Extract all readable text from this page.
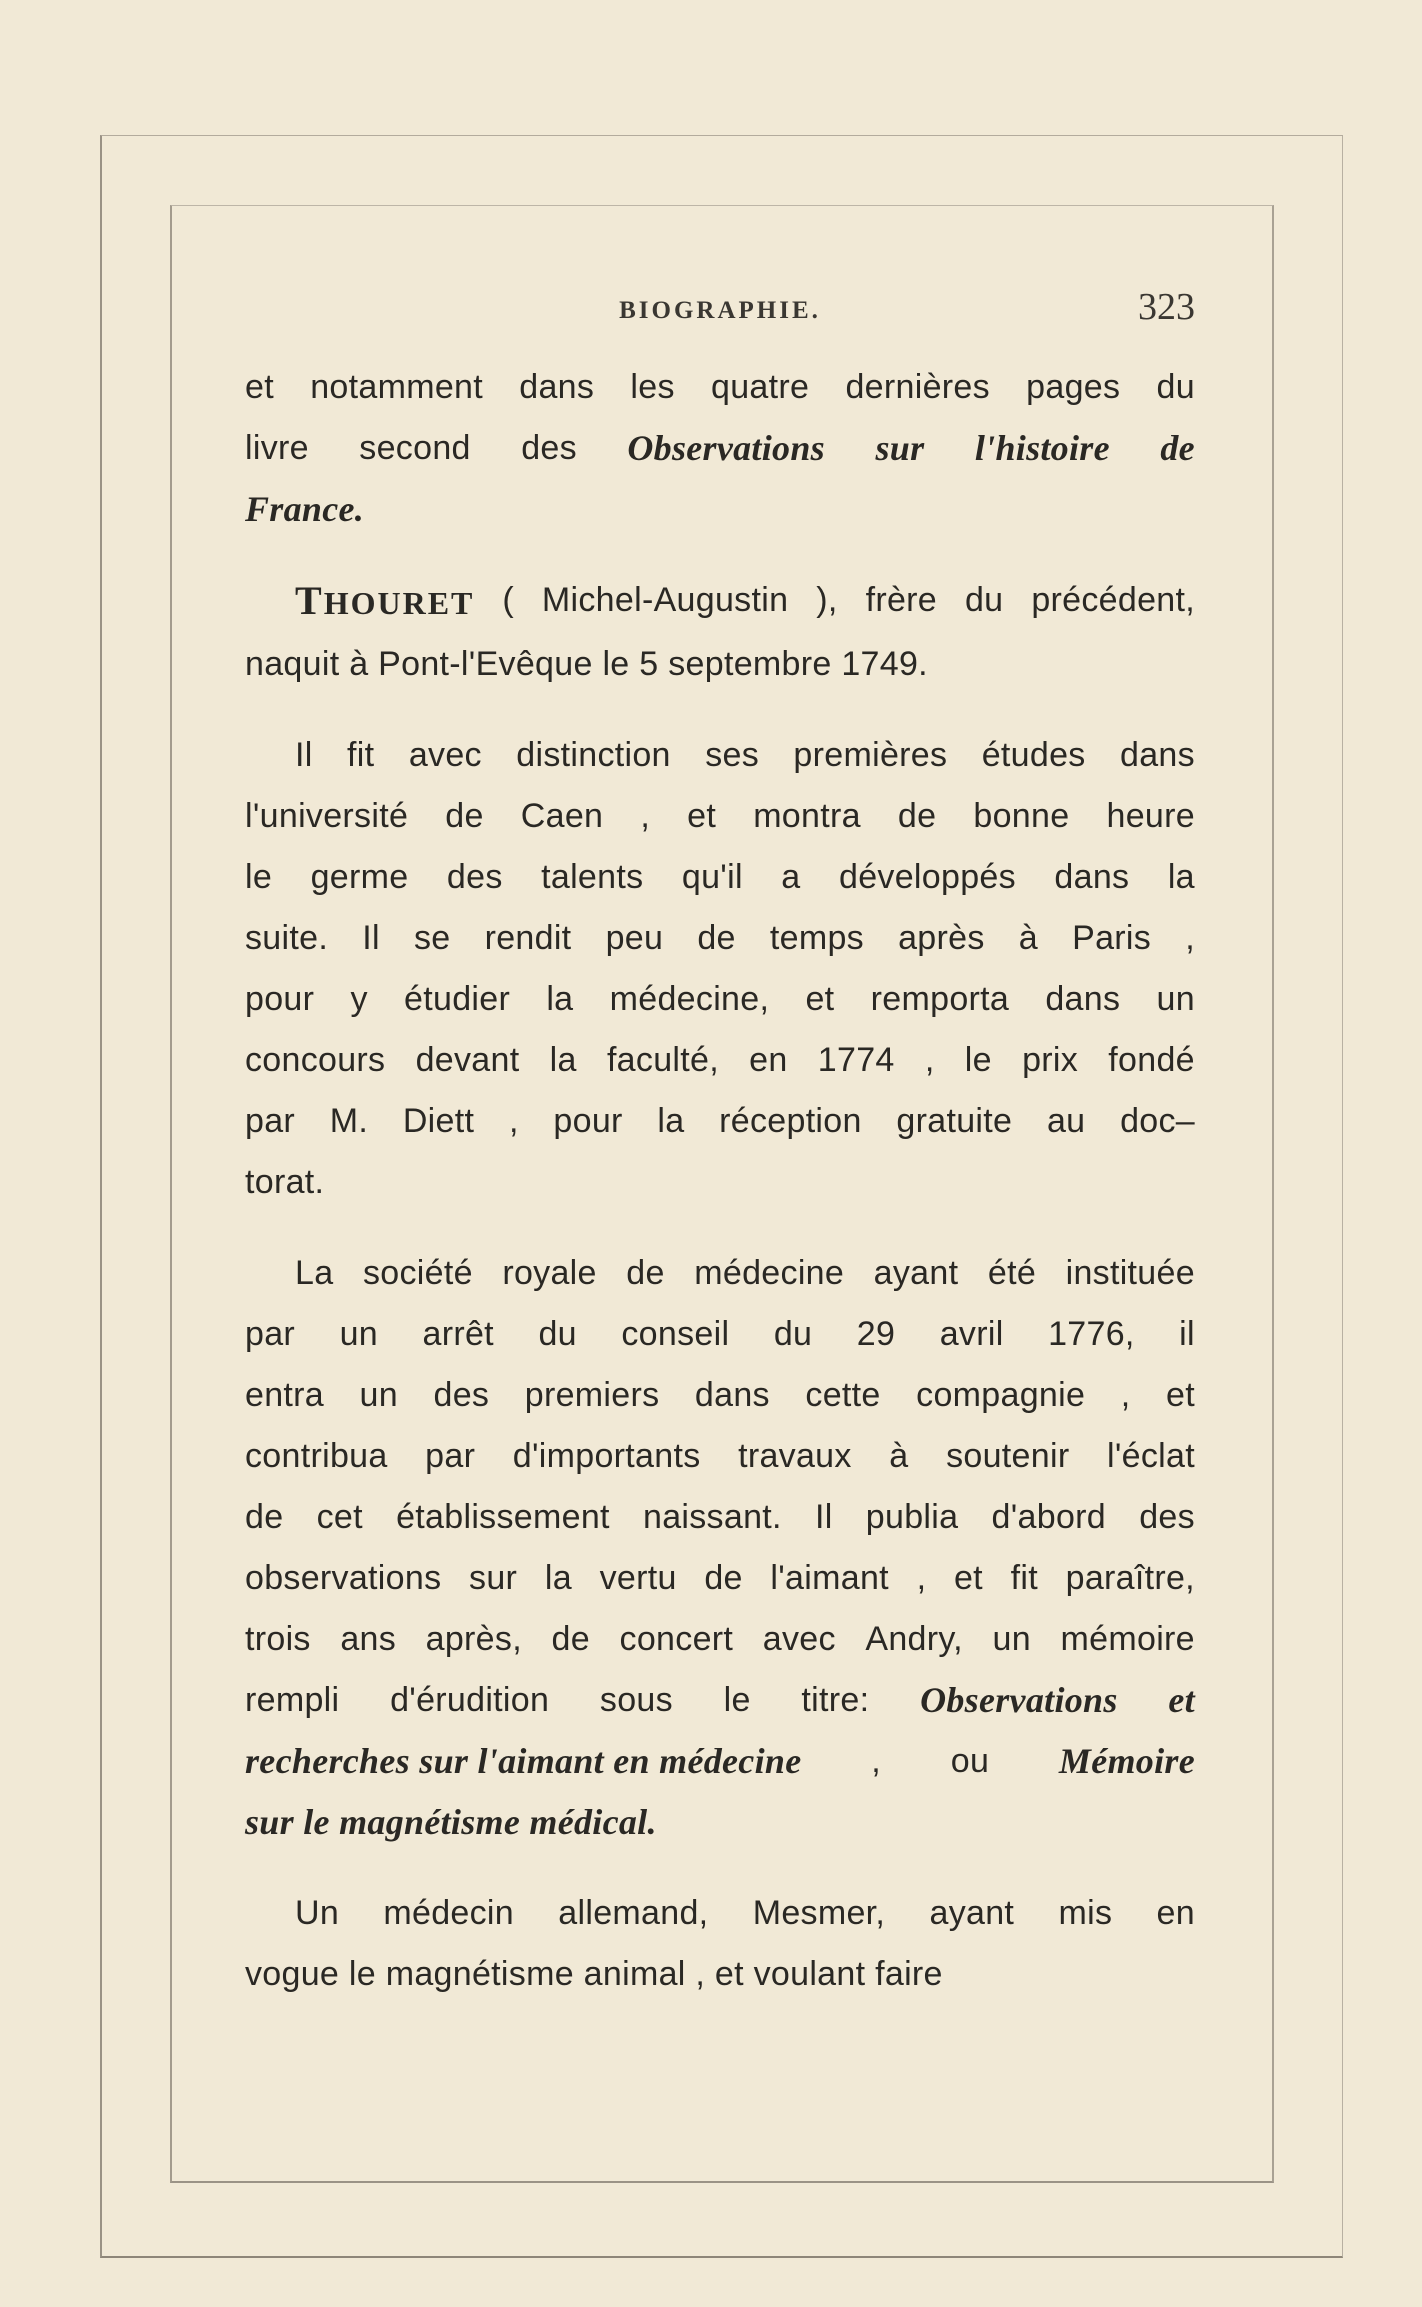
BIOGRAPHIE.	323
et notamment dans les quatre dernières pages du
livre second des Observations sur l'histoire de
France.
THOURET ( Michel-Augustin ), frère du précédent,
naquit
à
Pont-l'Evêque
le
5
septembre
1749.
Il fit avec distinction ses premières études dans
l'université de Caen , et montra de bonne heure
le germe des talents qu'il a développés dans la
suite. Il se rendit peu de temps après à Paris ,
pour y étudier la médecine, et remporta dans un
concours devant la faculté, en 1774 , le prix fondé
par M. Diett , pour la réception gratuite au doc–
torat.
La société royale de médecine ayant été instituée
par un arrêt du conseil du 29 avril 1776, il
entra un des premiers dans cette compagnie , et
contribua par d'importants travaux à soutenir l'éclat
de cet établissement naissant. Il publia d'abord des
observations sur la vertu de l'aimant , et fit paraître,
trois ans après, de concert avec Andry, un mémoire
rempli d'érudition sous le titre: Observations et
recherches sur l'aimant en médecine , ou Mémoire
sur le magnétisme médical.
Un médecin allemand, Mesmer, ayant mis en
vogue
le
magnétisme
animal
,
et
voulant
faire
